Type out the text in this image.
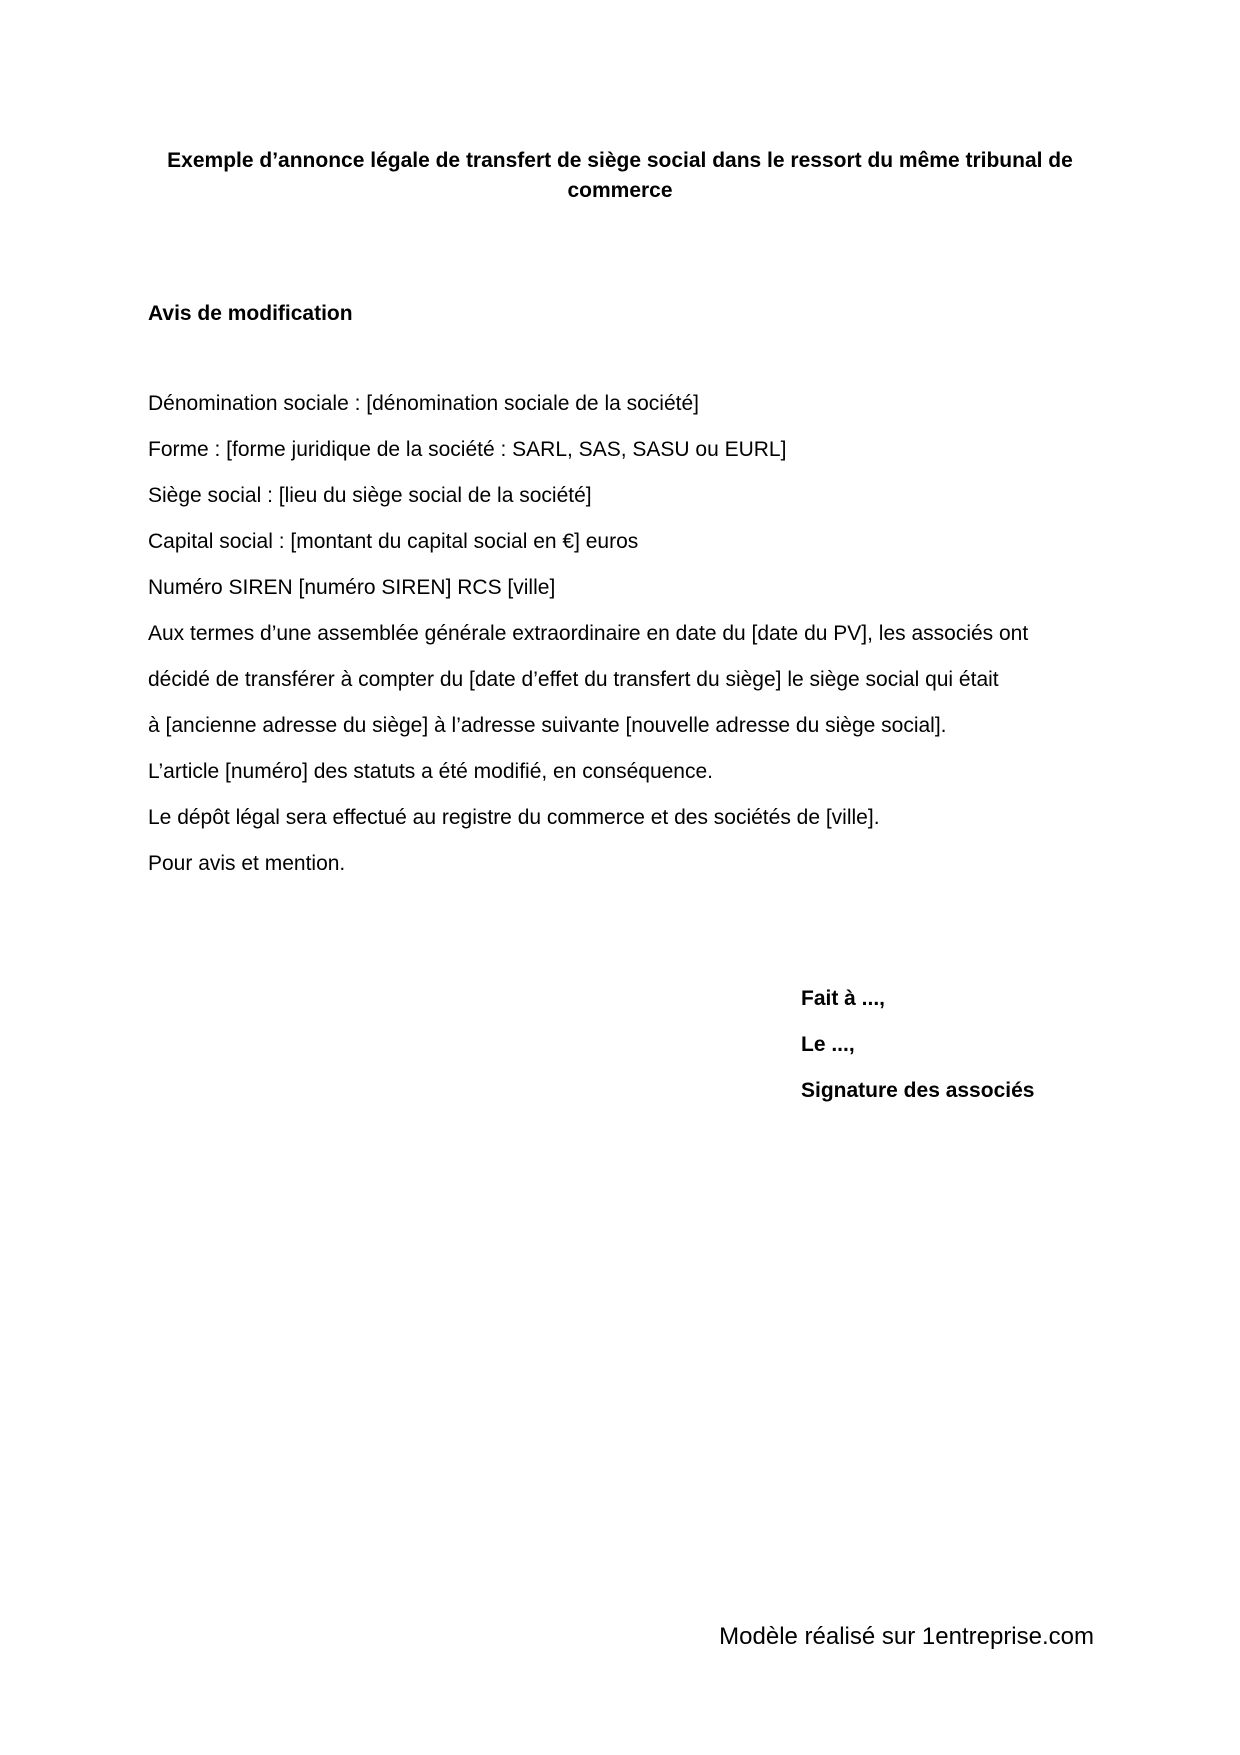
Exemple d’annonce légale de transfert de siège social dans le ressort du même tribunal de
commerce
Avis de modification
Dénomination sociale : [dénomination sociale de la société]
Forme : [forme juridique de la société : SARL, SAS, SASU ou EURL]
Siège social : [lieu du siège social de la société]
Capital social : [montant du capital social en €] euros
Numéro SIREN [numéro SIREN] RCS [ville]
Aux termes d’une assemblée générale extraordinaire en date du [date du PV], les associés ont
décidé de transférer à compter du [date d’effet du transfert du siège] le siège social qui était
à [ancienne adresse du siège] à l’adresse suivante [nouvelle adresse du siège social].
L’article [numéro] des statuts a été modifié, en conséquence.
Le dépôt légal sera effectué au registre du commerce et des sociétés de [ville].
Pour avis et mention.
Fait à ...,
Le ...,
Signature des associés
Modèle réalisé sur 1entreprise.com
